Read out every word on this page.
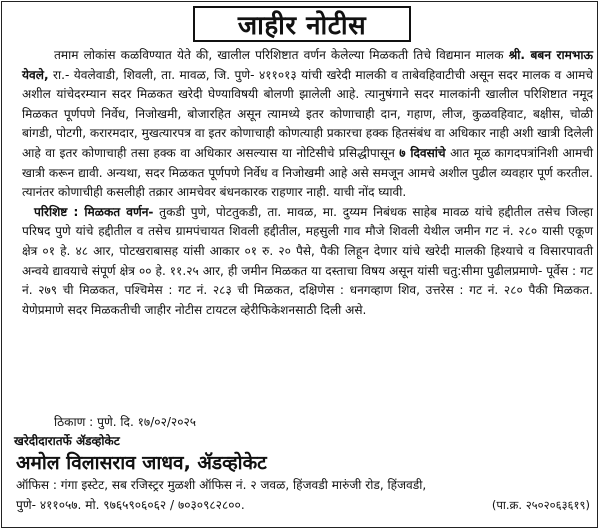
जाहीर नोटीस

तमाम लोकांस कळविण्यात येते की, खालील परिशिष्टात वर्णन केलेल्या मिळकती तिचे विद्यमान मालक श्री. बबन रामभाऊ येवले, रा.- येवलेवाडी, शिवली, ता. मावळ, जि. पुणे- ४११०१३ यांची खरेदी मालकी व ताबेवहिवाटीची असून सदर मालक व आमचे अशील यांचेदरम्यान सदर मिळकत खरेदी घेण्याविषयी बोलणी झालेली आहे. त्यानुषंगाने सदर मालकांनी खालील परिशिष्टात नमूद मिळकत पूर्णपणे निर्वेध, निजोखमी, बोजारहित असून त्यामध्ये इतर कोणाचाही दान, गहाण, लीज, कुळवहिवाट, बक्षीस, चोळी बांगडी, पोटगी, करारमदार, मुखत्यारपत्र वा इतर कोणाचाही कोणत्याही प्रकारचा हक्क हितसंबंध वा अधिकार नाही अशी खात्री दिलेली आहे वा इतर कोणाचाही तसा हक्क वा अधिकार असल्यास या नोटिसीचे प्रसिद्धीपासून ७ दिवसांचे आत मूळ कागदपत्रांनिशी आमची खात्री करून द्यावी. अन्यथा, सदर मिळकत पूर्णपणे निर्वेध व निजोखमी आहे असे समजून आमचे अशील पुढील व्यवहार पूर्ण करतील. त्यानंतर कोणाचीही कसलीही तक्रार आमचेवर बंधनकारक राहणार नाही. याची नोंद घ्यावी.

परिशिष्ट : मिळकत वर्णन- तुकडी पुणे, पोटतुकडी, ता. मावळ, मा. दुय्यम निबंधक साहेब मावळ यांचे हद्दीतील तसेच जिल्हा परिषद पुणे यांचे हद्दीतील व तसेच ग्रामपंचायत शिवली हद्दीतील, महसुली गाव मौजे शिवली येथील जमीन गट नं. २८० यासी एकूण क्षेत्र ०१ हे. ४८ आर, पोटखराबासह यांसी आकार ०१ रु. २० पैसे, पैकी लिहून देणार यांचे खरेदी मालकी हिश्याचे व विसारपावती अन्वये द्यावयाचे संपूर्ण क्षेत्र ०० हे. ११.२५ आर, ही जमीन मिळकत या दस्ताचा विषय असून यांसी चतु:सीमा पुढीलप्रमाणे- पूर्वेस : गट नं. २७९ ची मिळकत, पश्चिमेस : गट नं. २८३ ची मिळकत, दक्षिणेस : धनगव्हाण शिव, उत्तरेस : गट नं. २८० पैकी मिळकत. येणेप्रमाणे सदर मिळकतीची जाहीर नोटीस टायटल व्हेरीफिकेशनसाठी दिली असे.

ठिकाण : पुणे. दि. १७/०२/२०२५
खरेदीदारातर्फे ॲडव्होकेट
अमोल विलासराव जाधव, ॲडव्होकेट
ऑफिस : गंगा इस्टेट, सब रजिस्ट्रर मुळशी ऑफिस नं. २ जवळ, हिंजवडी मारुंजी रोड, हिंजवडी,
पुणे- ४११०५७. मो. ९७६५९०६०६२ / ७०३०९८२८००.	(पा.क्र. २५०२०६३६१९)
